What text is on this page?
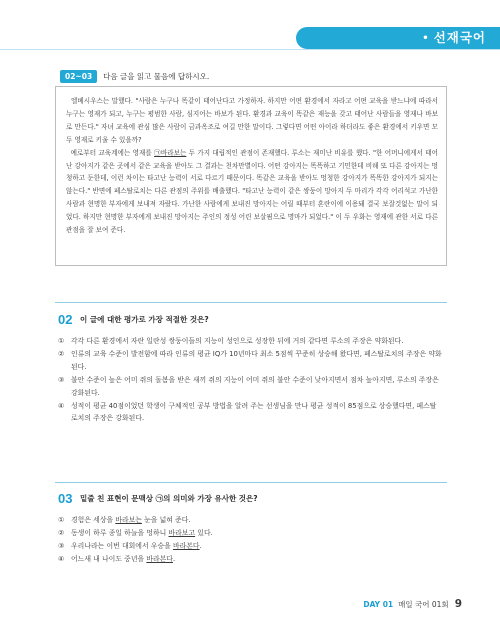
• 선재국어
02~03	다음 글을 읽고 물음에 답하시오.

엘베시우스는 말했다. "사람은 누구나 똑같이 태어난다고 가정하자. 하지만 어떤 환경에서 자라고 어떤 교육을 받느냐에 따라서 누구는 영재가 되고, 누구는 평범한 사람, 심지어는 바보가 된다. 환경과 교육이 똑같은 재능을 갖고 태어난 사람들을 영재나 바보로 만든다." 자녀 교육에 관심 많은 사람이 금과옥조로 여길 만한 말이다. 그렇다면 어떤 아이라 하더라도 좋은 환경에서 키우면 모두 영재로 키울 수 있을까?

예로부터 교육계에는 영재를 ㉠바라보는 두 가지 대립적인 관점이 존재했다. 루소는 재미난 비유를 했다. "한 어머니에게서 태어난 강아지가 같은 곳에서 같은 교육을 받아도 그 결과는 천차만별이다. 어떤 강아지는 똑똑하고 기민한데 비해 또 다른 강아지는 멍청하고 둔한데, 이런 차이는 타고난 능력이 서로 다르기 때문이다. 똑같은 교육을 받아도 멍청한 강아지가 똑똑한 강아지가 되지는 않는다." 반면에 페스탈로치는 다른 관점의 주위를 배출했다. "타고난 능력이 같은 쌍둥이 망아지 두 마리가 각각 어리석고 가난한 사람과 현명한 부자에게 보내져 자랐다. 가난한 사람에게 보내진 망아지는 어릴 때부터 혼란이에 이용돼 결국 보잘것없는 말이 되었다. 하지만 현명한 부자에게 보내진 망아지는 주인의 정성 어린 보살핌으로 명마가 되었다." 이 두 우화는 영재에 관한 서로 다른 관점을 잘 보여 준다.

02	이 글에 대한 평가로 가장 적절한 것은?
① 각각 다른 환경에서 자란 일란성 쌍둥이들의 지능이 성인으로 성장한 뒤에 거의 같다면 루소의 주장은 약화된다.
② 인류의 교육 수준이 발전함에 따라 인류의 평균 IQ가 10년마다 최소 5점씩 꾸준히 상승해 왔다면, 페스탈로치의 주장은 약화된다.
③ 불안 수준이 높은 어미 쥐의 돌봄을 받은 새끼 쥐의 지능이 어미 쥐의 불안 수준이 낮아지면서 점차 높아지면, 루소의 주장은 강화된다.
④ 성적이 평균 40점이었던 학생이 구체적인 공부 방법을 알려 주는 선생님을 만나 평균 성적이 85점으로 상승했다면, 페스탈로치의 주장은 강화된다.
03	밑줄 친 표현이 문맥상 ㉠의 의미와 가장 유사한 것은?
① 경험은 세상을 바라보는 눈을 넓혀 준다.
② 동생이 하루 종일 하늘을 멍하니 바라보고 있다.
③ 우리나라는 이번 대회에서 우승을 바라본다.
④ 어느새 내 나이도 중년을 바라본다.
DAY 01 매일 국어 01회 9
